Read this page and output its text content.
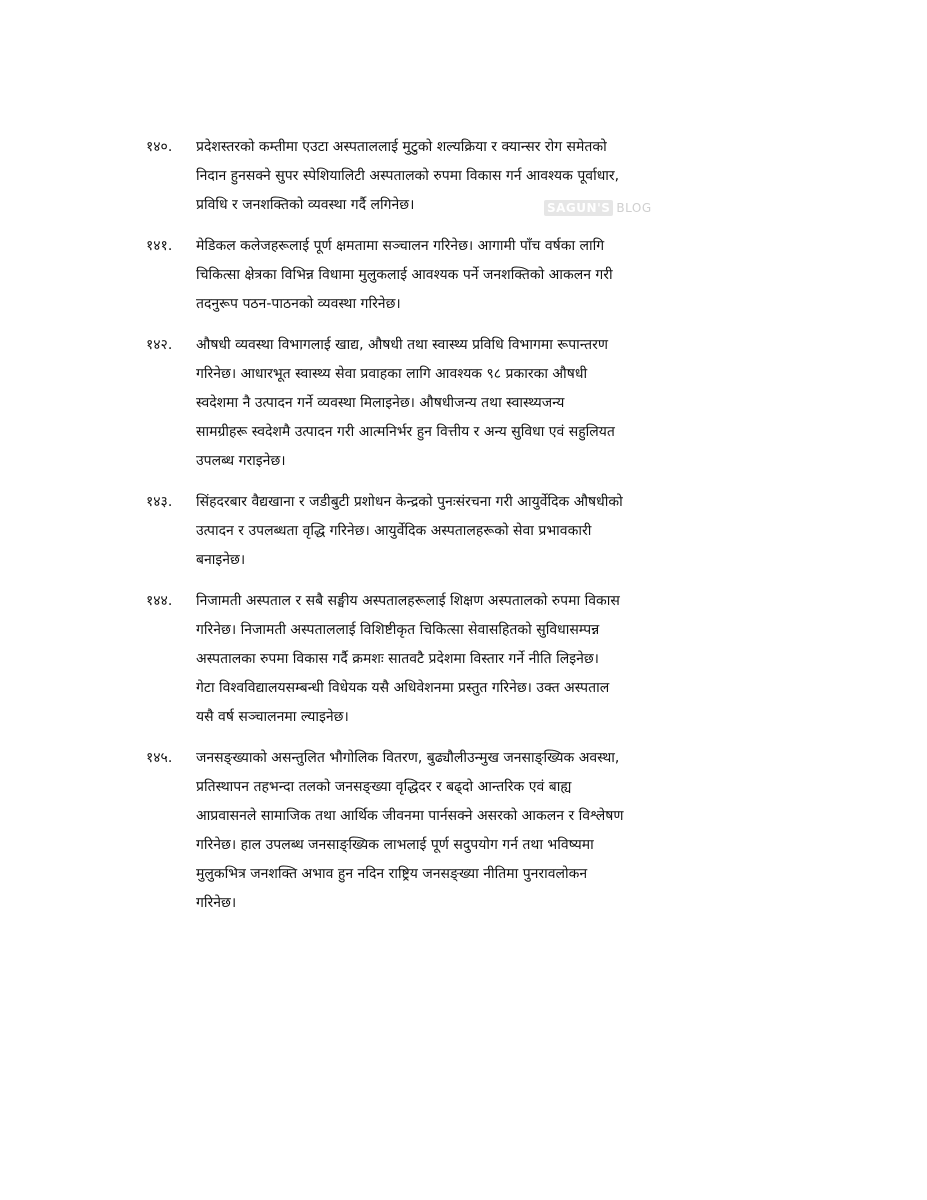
SAGUN'S BLOG
१४०.	प्रदेशस्तरको कम्तीमा एउटा अस्पताललाई मुटुको शल्यक्रिया र क्यान्सर रोग समेतको
निदान हुनसक्ने सुपर स्पेशियालिटी अस्पतालको रुपमा विकास गर्न आवश्यक पूर्वाधार,
प्रविधि र जनशक्तिको व्यवस्था गर्दै लगिनेछ।
१४१.	मेडिकल कलेजहरूलाई पूर्ण क्षमतामा सञ्चालन गरिनेछ। आगामी पाँच वर्षका लागि
चिकित्सा क्षेत्रका विभिन्न विधामा मुलुकलाई आवश्यक पर्ने जनशक्तिको आकलन गरी
तदनुरूप पठन-पाठनको व्यवस्था गरिनेछ।
१४२.	औषधी व्यवस्था विभागलाई खाद्य, औषधी तथा स्वास्थ्य प्रविधि विभागमा रूपान्तरण
गरिनेछ। आधारभूत स्वास्थ्य सेवा प्रवाहका लागि आवश्यक ९८ प्रकारका औषधी
स्वदेशमा नै उत्पादन गर्ने व्यवस्था मिलाइनेछ। औषधीजन्य तथा स्वास्थ्यजन्य
सामग्रीहरू स्वदेशमै उत्पादन गरी आत्मनिर्भर हुन वित्तीय र अन्य सुविधा एवं सहुलियत
उपलब्ध गराइनेछ।
१४३.	सिंहदरबार वैद्यखाना र जडीबुटी प्रशोधन केन्द्रको पुनःसंरचना गरी आयुर्वेदिक औषधीको
उत्पादन र उपलब्धता वृद्धि गरिनेछ। आयुर्वेदिक अस्पतालहरूको सेवा प्रभावकारी
बनाइनेछ।
१४४.	निजामती अस्पताल र सबै सङ्घीय अस्पतालहरूलाई शिक्षण अस्पतालको रुपमा विकास
गरिनेछ। निजामती अस्पताललाई विशिष्टीकृत चिकित्सा सेवासहितको सुविधासम्पन्न
अस्पतालका रुपमा विकास गर्दै क्रमशः सातवटै प्रदेशमा विस्तार गर्ने नीति लिइनेछ।
गेटा विश्वविद्यालयसम्बन्धी विधेयक यसै अधिवेशनमा प्रस्तुत गरिनेछ। उक्त अस्पताल
यसै वर्ष सञ्चालनमा ल्याइनेछ।
१४५.	जनसङ्ख्याको असन्तुलित भौगोलिक वितरण, बुढ्यौलीउन्मुख जनसाङ्ख्यिक अवस्था,
प्रतिस्थापन तहभन्दा तलको जनसङ्ख्या वृद्धिदर र बढ्दो आन्तरिक एवं बाह्य
आप्रवासनले सामाजिक तथा आर्थिक जीवनमा पार्नसक्ने असरको आकलन र विश्लेषण
गरिनेछ। हाल उपलब्ध जनसाङ्ख्यिक लाभलाई पूर्ण सदुपयोग गर्न तथा भविष्यमा
मुलुकभित्र जनशक्ति अभाव हुन नदिन राष्ट्रिय जनसङ्ख्या नीतिमा पुनरावलोकन
गरिनेछ।
